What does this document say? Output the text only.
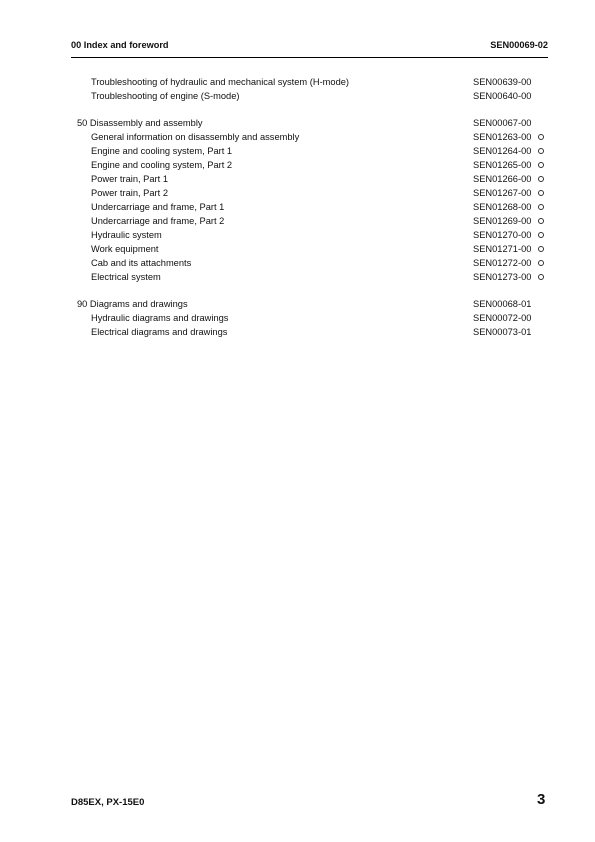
00 Index and foreword	SEN00069-02
Troubleshooting of hydraulic and mechanical system (H-mode)	SEN00639-00
Troubleshooting of engine (S-mode)	SEN00640-00
50 Disassembly and assembly	SEN00067-00
General information on disassembly and assembly	SEN01263-00
Engine and cooling system, Part 1	SEN01264-00
Engine and cooling system, Part 2	SEN01265-00
Power train, Part 1	SEN01266-00
Power train, Part 2	SEN01267-00
Undercarriage and frame, Part 1	SEN01268-00
Undercarriage and frame, Part 2	SEN01269-00
Hydraulic system	SEN01270-00
Work equipment	SEN01271-00
Cab and its attachments	SEN01272-00
Electrical system	SEN01273-00
90 Diagrams and drawings	SEN00068-01
Hydraulic diagrams and drawings	SEN00072-00
Electrical diagrams and drawings	SEN00073-01
D85EX, PX-15E0	3
